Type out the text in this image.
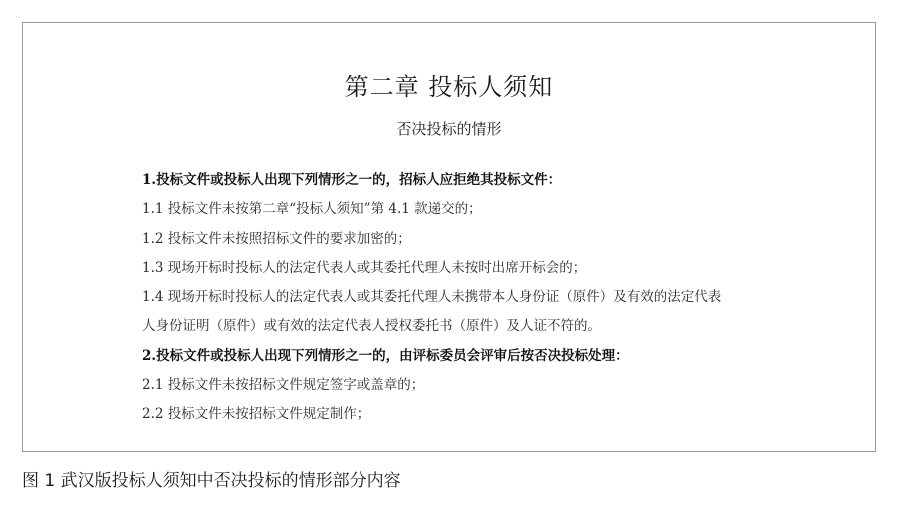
第二章 投标人须知
否决投标的情形
1.投标文件或投标人出现下列情形之一的，招标人应拒绝其投标文件：
1.1 投标文件未按第二章“投标人须知”第 4.1 款递交的；
1.2 投标文件未按照招标文件的要求加密的；
1.3 现场开标时投标人的法定代表人或其委托代理人未按时出席开标会的；
1.4 现场开标时投标人的法定代表人或其委托代理人未携带本人身份证（原件）及有效的法定代表
人身份证明（原件）或有效的法定代表人授权委托书（原件）及人证不符的。
2.投标文件或投标人出现下列情形之一的，由评标委员会评审后按否决投标处理：
2.1 投标文件未按招标文件规定签字或盖章的；
2.2 投标文件未按招标文件规定制作；

图 1 武汉版投标人须知中否决投标的情形部分内容
